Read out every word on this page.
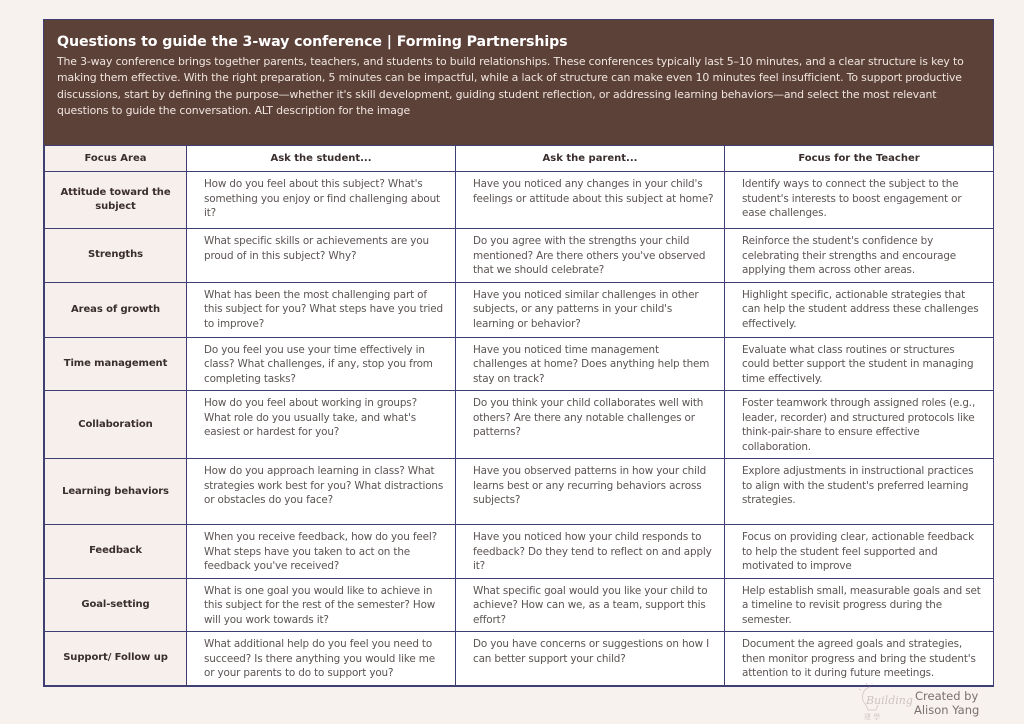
Questions to guide the 3-way conference | Forming Partnerships

The 3-way conference brings together parents, teachers, and students to build relationships. These conferences typically last 5–10 minutes, and a clear structure is key to making them effective. With the right preparation, 5 minutes can be impactful, while a lack of structure can make even 10 minutes feel insufficient. To support productive discussions, start by defining the purpose—whether it's skill development, guiding student reflection, or addressing learning behaviors—and select the most relevant questions to guide the conversation. ALT description for the image

Focus Area	Ask the student...	Ask the parent...	Focus for the Teacher
Attitude toward the subject	How do you feel about this subject? What's something you enjoy or find challenging about it?	Have you noticed any changes in your child's feelings or attitude about this subject at home?	Identify ways to connect the subject to the student's interests to boost engagement or ease challenges.
Strengths	What specific skills or achievements are you proud of in this subject? Why?	Do you agree with the strengths your child mentioned? Are there others you've observed that we should celebrate?	Reinforce the student's confidence by celebrating their strengths and encourage applying them across other areas.
Areas of growth	What has been the most challenging part of this subject for you? What steps have you tried to improve?	Have you noticed similar challenges in other subjects, or any patterns in your child's learning or behavior?	Highlight specific, actionable strategies that can help the student address these challenges effectively.
Time management	Do you feel you use your time effectively in class? What challenges, if any, stop you from completing tasks?	Have you noticed time management challenges at home? Does anything help them stay on track?	Evaluate what class routines or structures could better support the student in managing time effectively.
Collaboration	How do you feel about working in groups? What role do you usually take, and what's easiest or hardest for you?	Do you think your child collaborates well with others? Are there any notable challenges or patterns?	Foster teamwork through assigned roles (e.g., leader, recorder) and structured protocols like think-pair-share to ensure effective collaboration.
Learning behaviors	How do you approach learning in class? What strategies work best for you? What distractions or obstacles do you face?	Have you observed patterns in how your child learns best or any recurring behaviors across subjects?	Explore adjustments in instructional practices to align with the student's preferred learning strategies.
Feedback	When you receive feedback, how do you feel? What steps have you taken to act on the feedback you've received?	Have you noticed how your child responds to feedback? Do they tend to reflect on and apply it?	Focus on providing clear, actionable feedback to help the student feel supported and motivated to improve
Goal-setting	What is one goal you would like to achieve in this subject for the rest of the semester? How will you work towards it?	What specific goal would you like your child to achieve? How can we, as a team, support this effort?	Help establish small, measurable goals and set a timeline to revisit progress during the semester.
Support/ Follow up	What additional help do you feel you need to succeed? Is there anything you would like me or your parents to do to support you?	Do you have concerns or suggestions on how I can better support your child?	Document the agreed goals and strategies, then monitor progress and bring the student's attention to it during future meetings.
Building
建 學
Created by
Alison Yang
